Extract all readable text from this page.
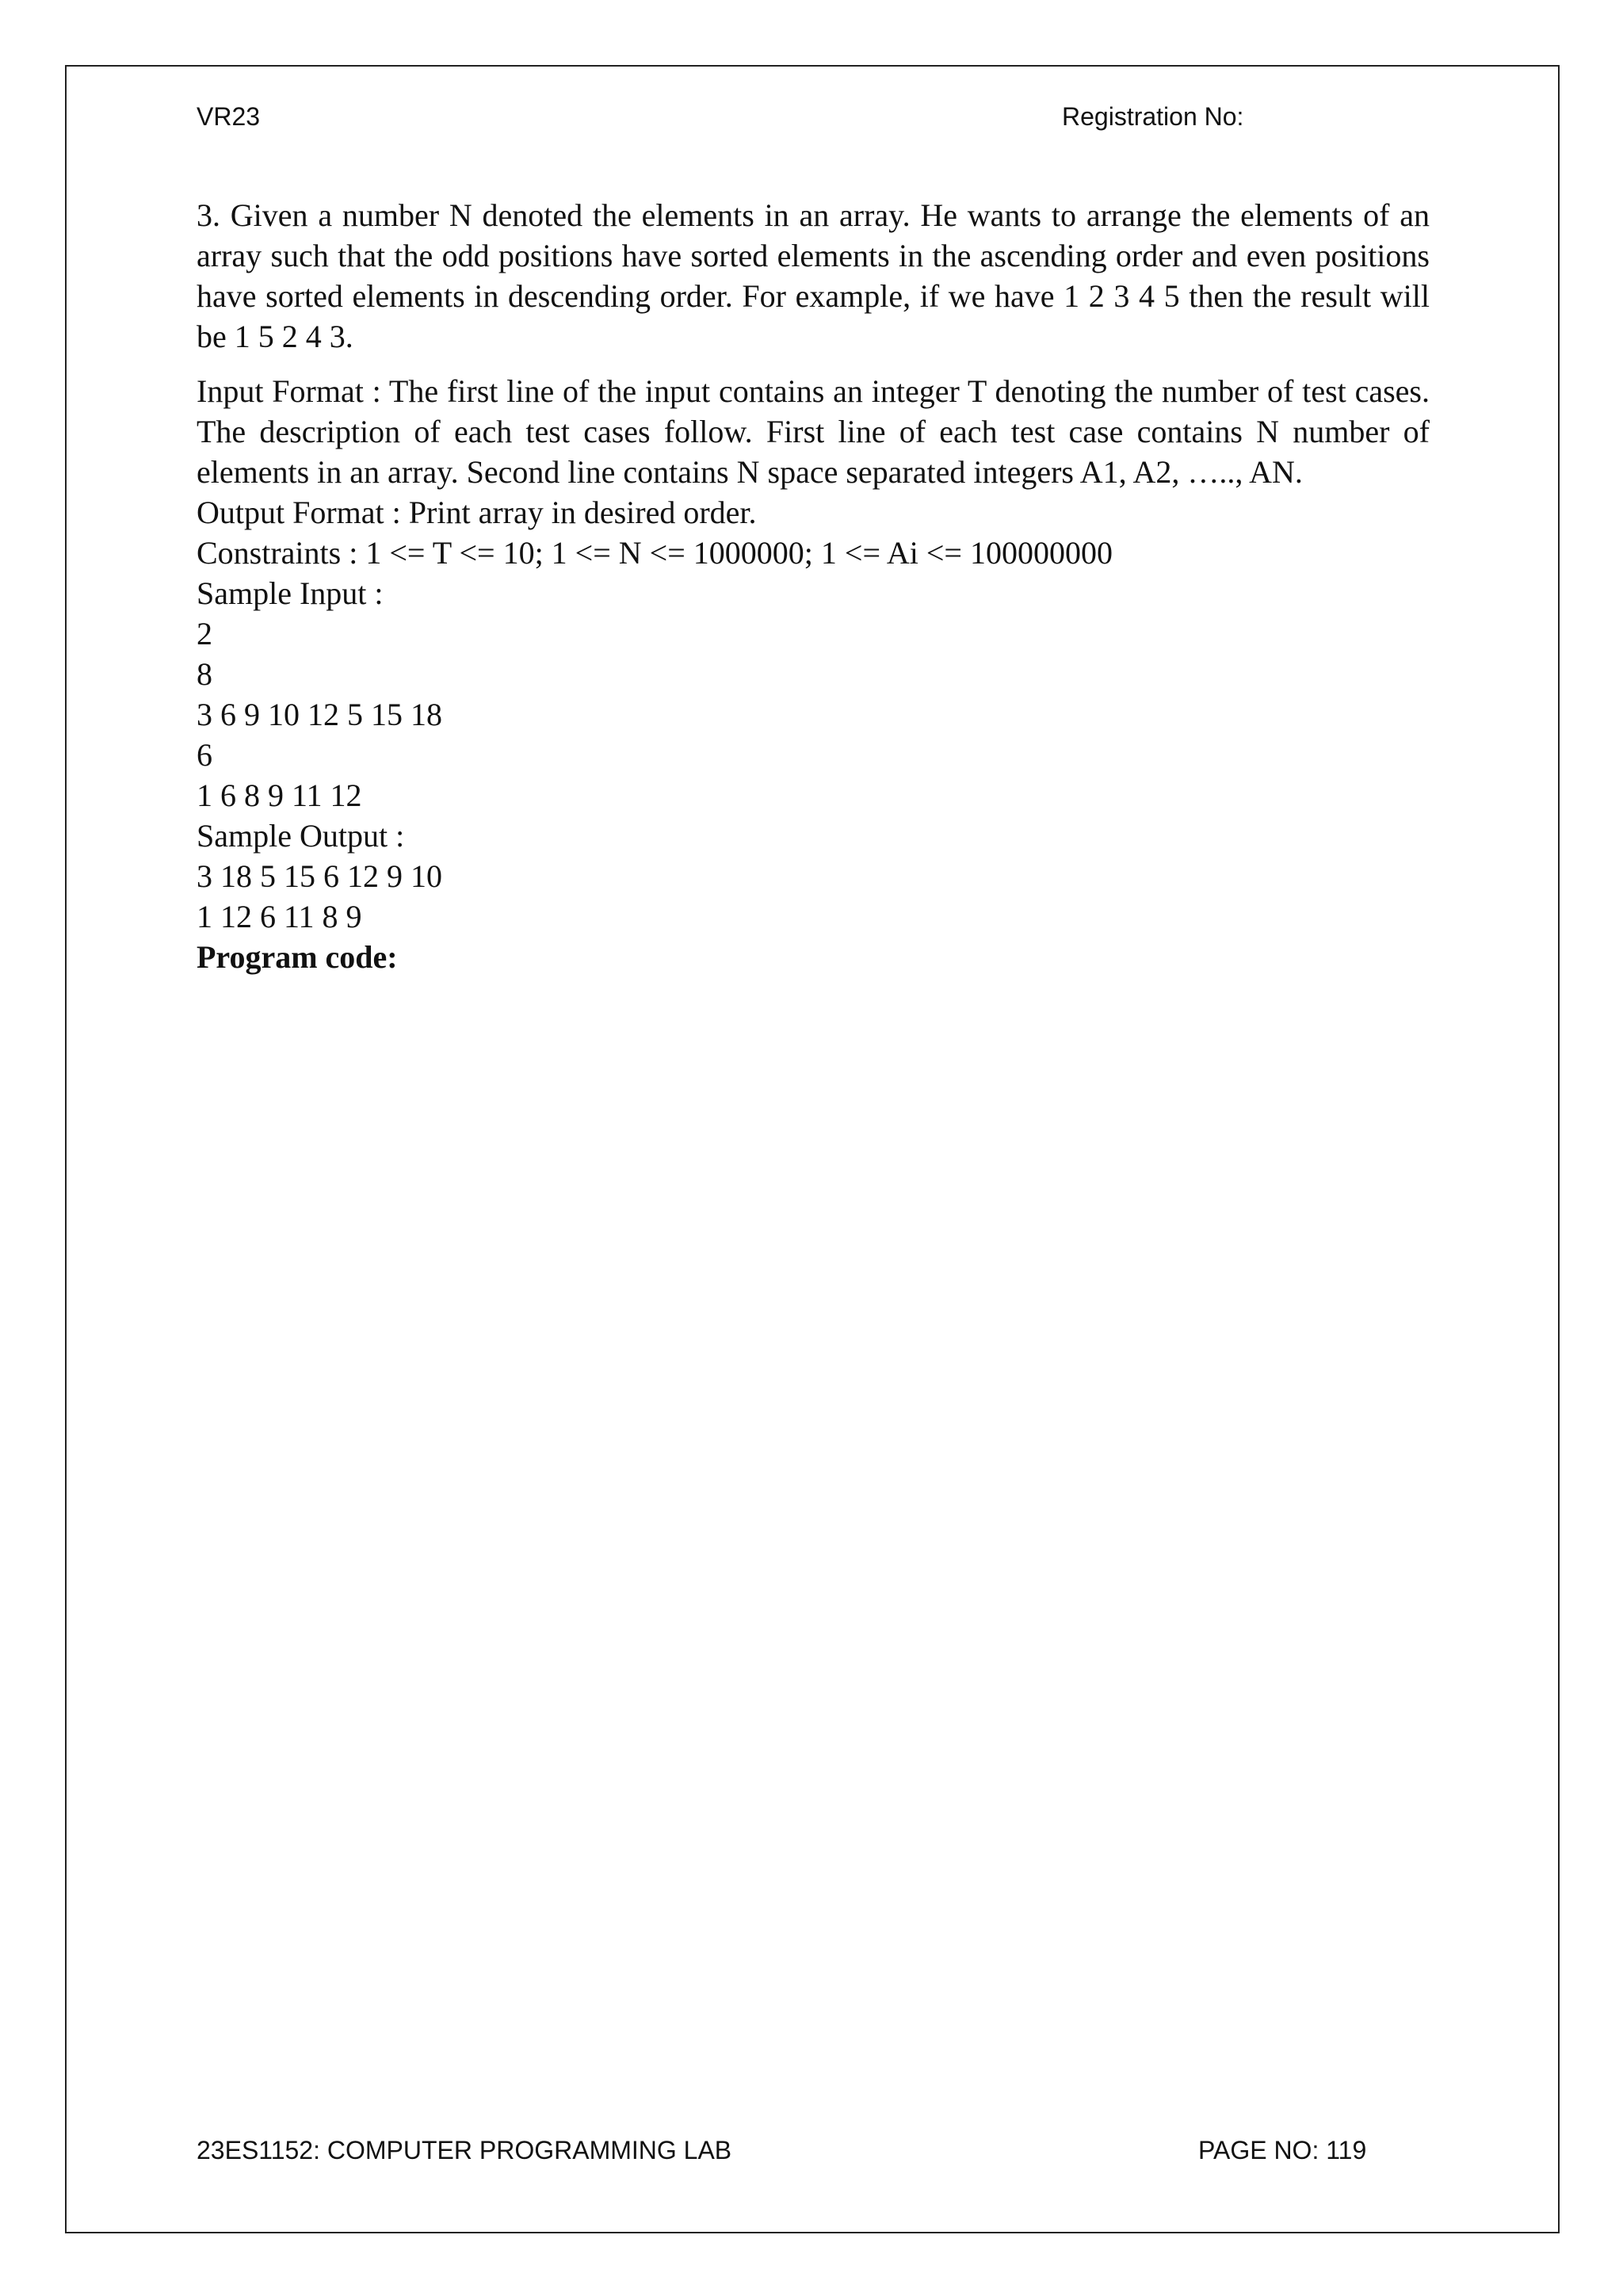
VR23	Registration No:

3. Given a number N denoted the elements in an array. He wants to arrange the elements of an array such that the odd positions have sorted elements in the ascending order and even positions have sorted elements in descending order. For example, if we have 1 2 3 4 5 then the result will be 1 5 2 4 3.

Input Format : The first line of the input contains an integer T denoting the number of test cases. The description of each test cases follow. First line of each test case contains N number of elements in an array. Second line contains N space separated integers A1, A2, ….., AN.

Output Format : Print array in desired order.

Constraints : 1 <= T <= 10; 1 <= N <= 1000000; 1 <= Ai <= 100000000

Sample Input :

2

8

3 6 9 10 12 5 15 18

6

1 6 8 9 11 12

Sample Output :

3 18 5 15 6 12 9 10

1 12 6 11 8 9

Program code:

23ES1152: COMPUTER PROGRAMMING LAB	PAGE NO: 119
